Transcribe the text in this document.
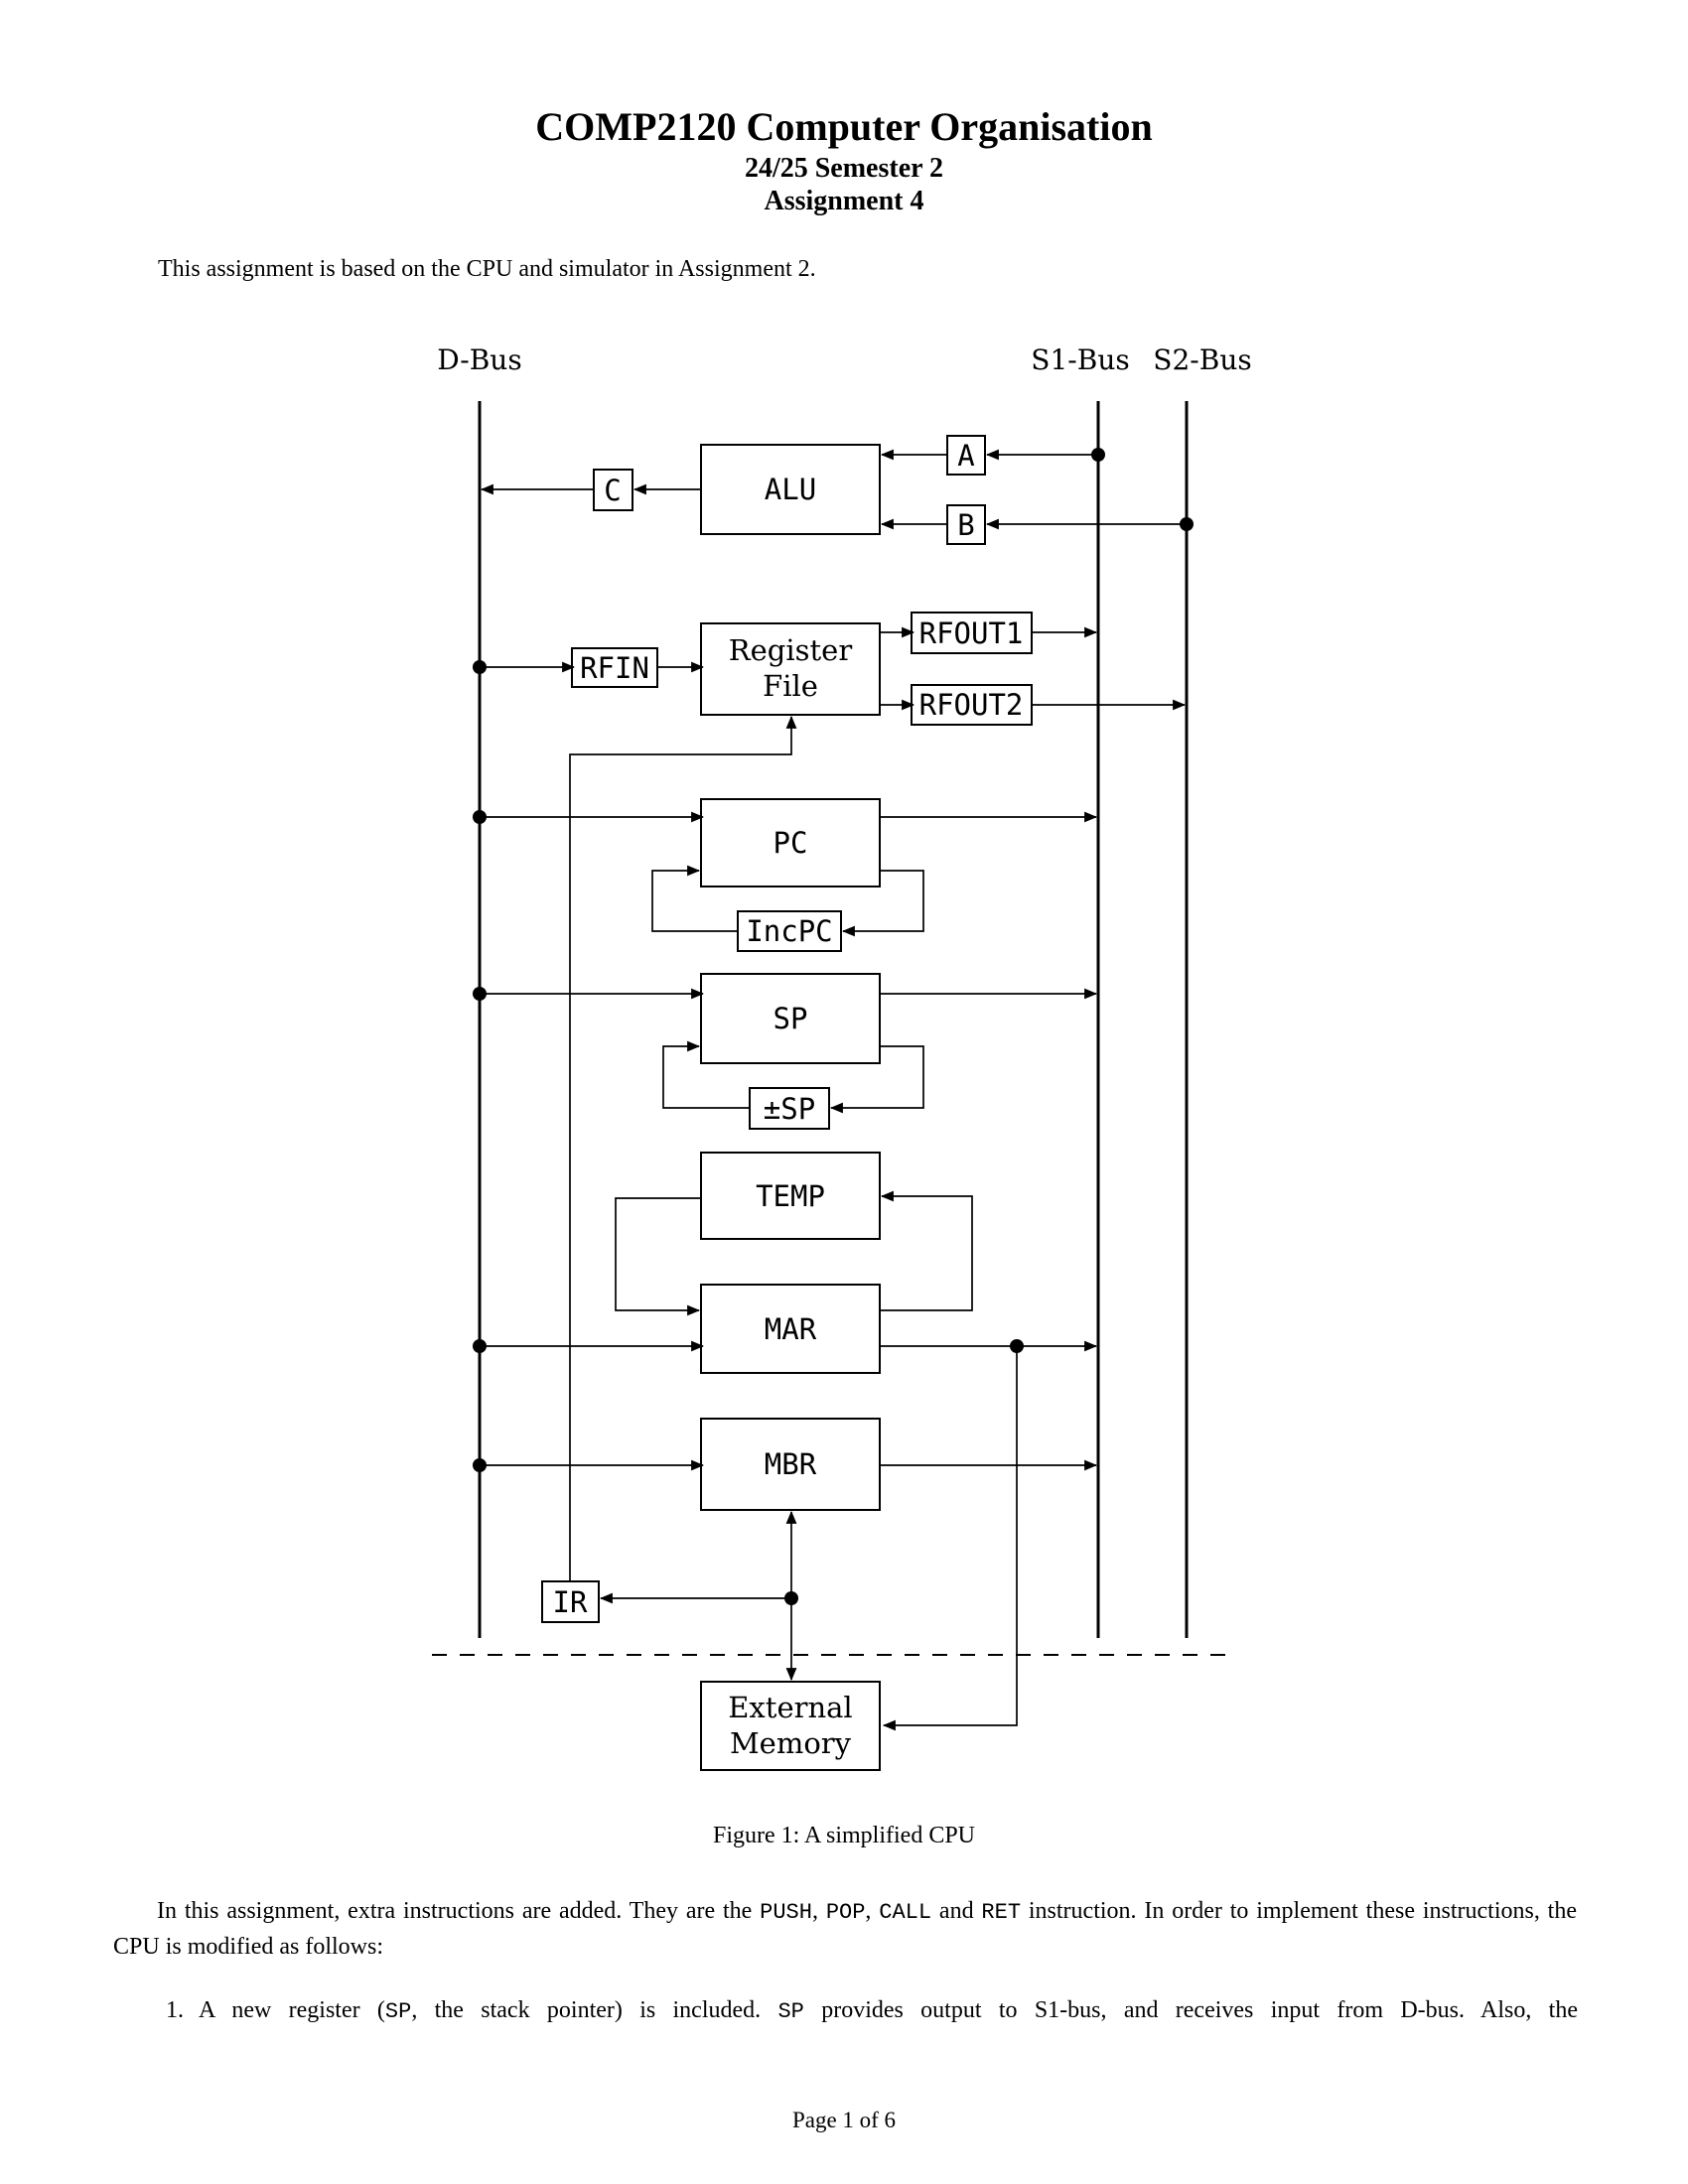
COMP2120 Computer Organisation
24/25 Semester 2
Assignment 4
This assignment is based on the CPU and simulator in Assignment 2.
D-Bus	S1-Bus S2-Bus
ALU
C
A
B
RFIN
Register
File
RFOUT1
RFOUT2
PC
IncPC
SP
±SP
TEMP
MAR
MBR
IR
External
Memory
Figure 1: A simplified CPU
In this assignment, extra instructions are added. They are the PUSH, POP, CALL and RET instruction. In order to implement these instructions, the CPU is modified as follows:
1. A new register (SP, the stack pointer) is included. SP provides output to S1-bus, and receives input from D-bus. Also, the
Page 1 of 6
